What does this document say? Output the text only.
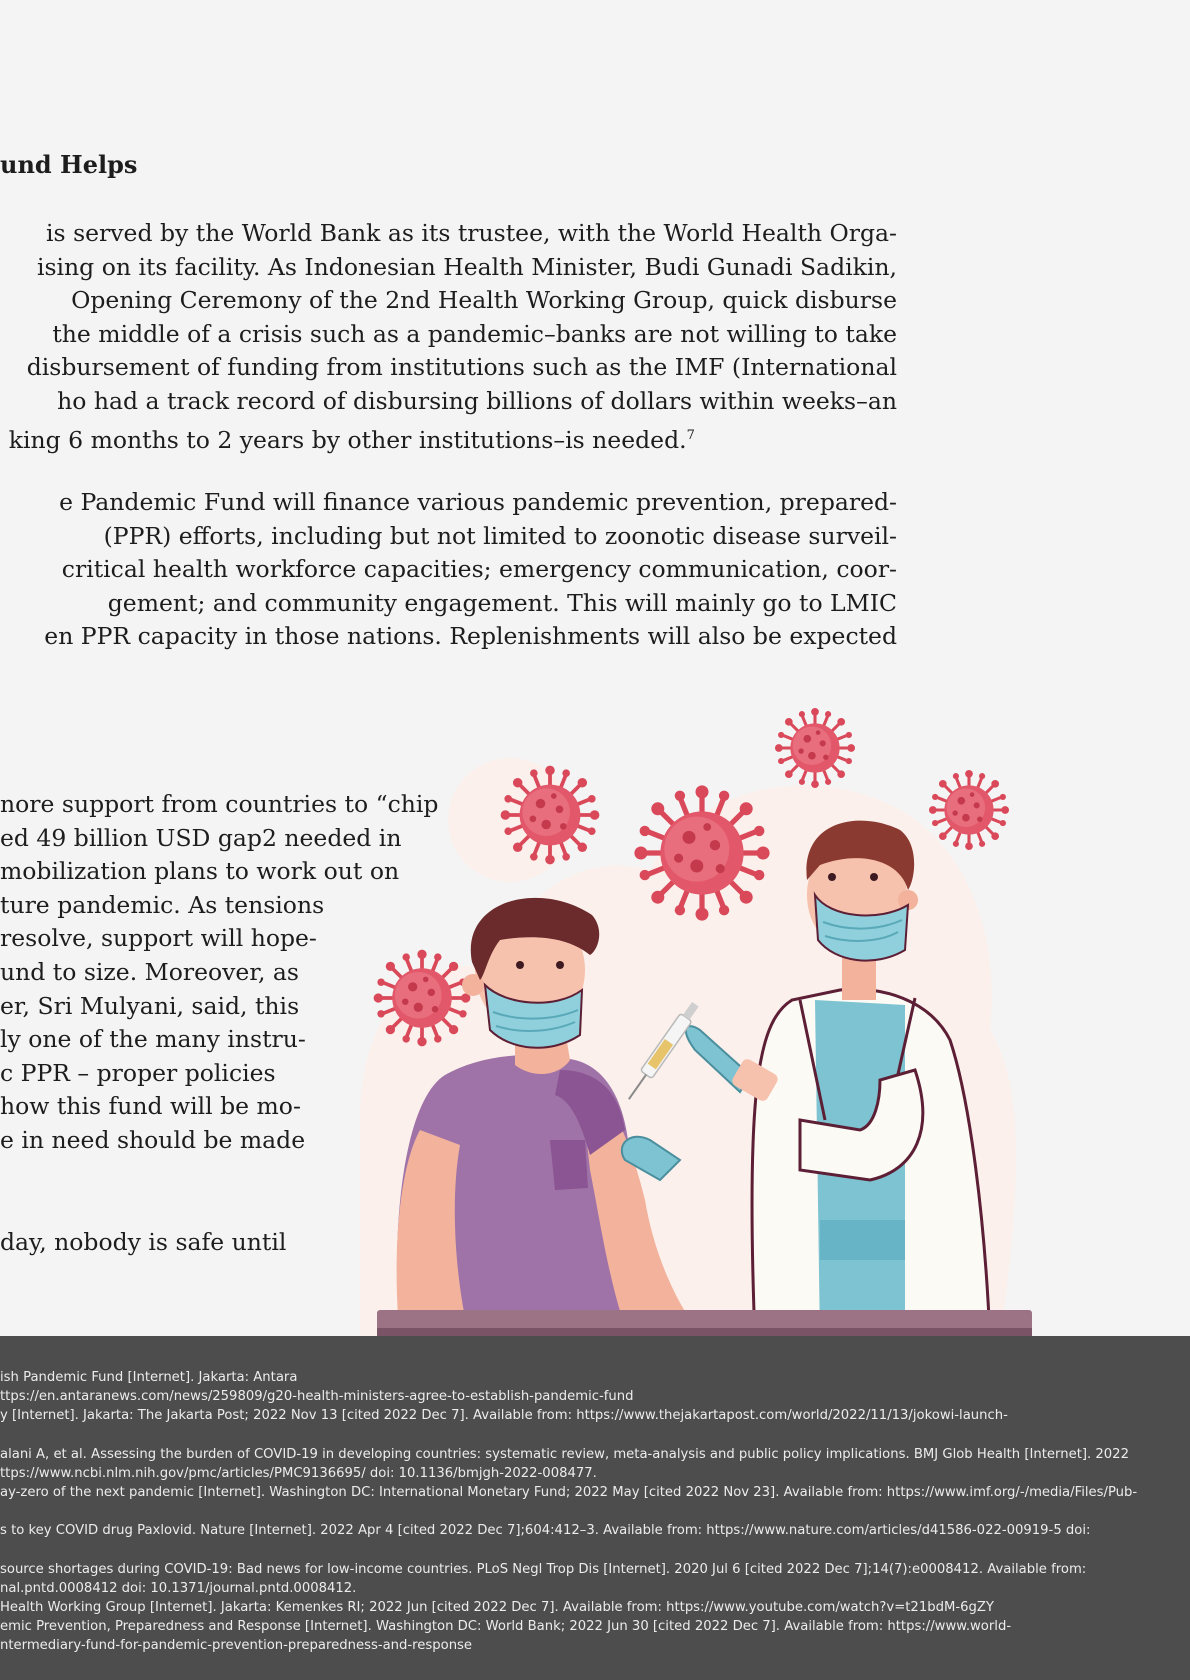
und Helps
is served by the World Bank as its trustee, with the World Health Orga-
ising on its facility. As Indonesian Health Minister, Budi Gunadi Sadikin,
Opening Ceremony of the 2nd Health Working Group, quick disburse
the middle of a crisis such as a pandemic–banks are not willing to take
disbursement of funding from institutions such as the IMF (International
ho had a track record of disbursing billions of dollars within weeks–an
king 6 months to 2 years by other institutions–is needed.$^7$
e Pandemic Fund will finance various pandemic prevention, prepared-
(PPR) efforts, including but not limited to zoonotic disease surveil-
critical health workforce capacities; emergency communication, coor-
gement; and community engagement. This will mainly go to LMIC
en PPR capacity in those nations. Replenishments will also be expected
nore support from countries to “chip
ed 49 billion USD gap2 needed in
mobilization plans to work out on
ture pandemic. As tensions
resolve, support will hope-
und to size. Moreover, as
er, Sri Mulyani, said, this
ly one of the many instru-
c PPR – proper policies
how this fund will be mo-
e in need should be made
day, nobody is safe until
ish Pandemic Fund [Internet]. Jakarta: Antara
ttps://en.antaranews.com/news/259809/g20-health-ministers-agree-to-establish-pandemic-fund
y [Internet]. Jakarta: The Jakarta Post; 2022 Nov 13 [cited 2022 Dec 7]. Available from: https://www.thejakartapost.com/world/2022/11/13/jokowi-launch-
alani A, et al. Assessing the burden of COVID-19 in developing countries: systematic review, meta-analysis and public policy implications. BMJ Glob Health [Internet]. 2022
ttps://www.ncbi.nlm.nih.gov/pmc/articles/PMC9136695/ doi: 10.1136/bmjgh-2022-008477.
ay-zero of the next pandemic [Internet]. Washington DC: International Monetary Fund; 2022 May [cited 2022 Nov 23]. Available from: https://www.imf.org/-/media/Files/Pub-
s to key COVID drug Paxlovid. Nature [Internet]. 2022 Apr 4 [cited 2022 Dec 7];604:412–3. Available from: https://www.nature.com/articles/d41586-022-00919-5 doi:
source shortages during COVID-19: Bad news for low-income countries. PLoS Negl Trop Dis [Internet]. 2020 Jul 6 [cited 2022 Dec 7];14(7):e0008412. Available from:
nal.pntd.0008412 doi: 10.1371/journal.pntd.0008412.
Health Working Group [Internet]. Jakarta: Kemenkes RI; 2022 Jun [cited 2022 Dec 7]. Available from: https://www.youtube.com/watch?v=t21bdM-6gZY
emic Prevention, Preparedness and Response [Internet]. Washington DC: World Bank; 2022 Jun 30 [cited 2022 Dec 7]. Available from: https://www.world-
ntermediary-fund-for-pandemic-prevention-preparedness-and-response
